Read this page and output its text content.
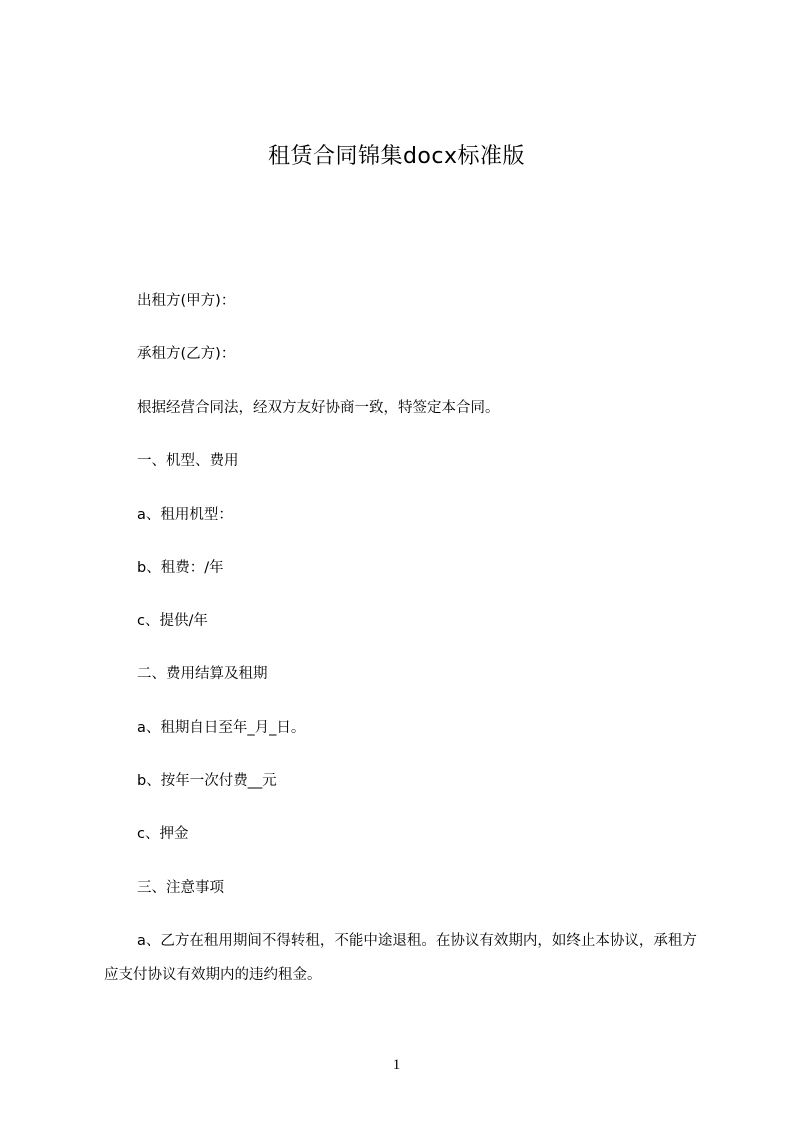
租赁合同锦集docx标准版
出租方(甲方)：
承租方(乙方)：
根据经营合同法，经双方友好协商一致，特签定本合同。
一、机型、费用
a、租用机型：
b、租费：/年
c、提供/年
二、费用结算及租期
a、租期自日至年_月_日。
b、按年一次付费__元
c、押金
三、注意事项
a、乙方在租用期间不得转租，不能中途退租。在协议有效期内，如终止本协议，承租方应支付协议有效期内的违约租金。
1
